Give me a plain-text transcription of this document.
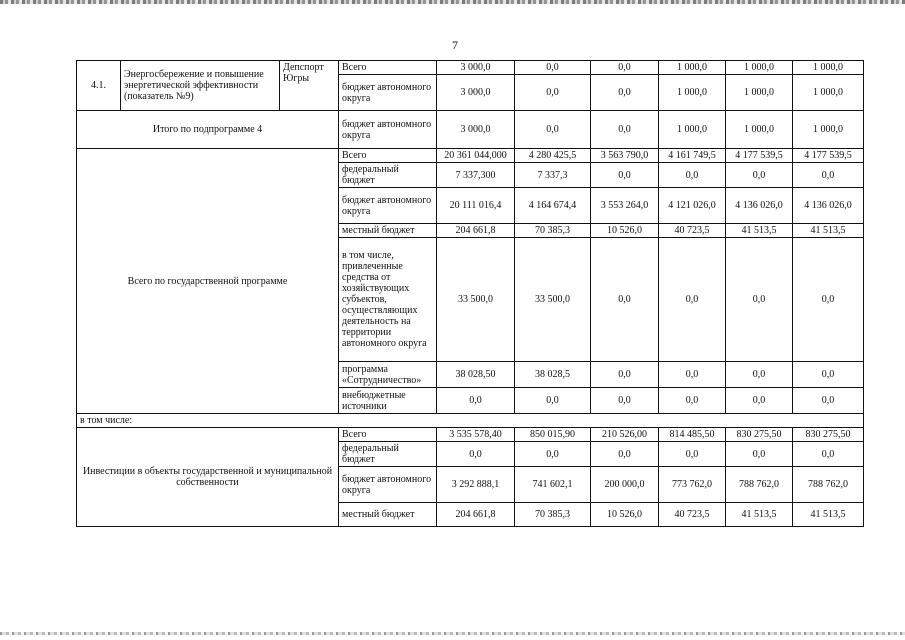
7
4.1.	Энергосбережение и повышение энергетической эффективности (показатель №9)	Депспорт Югры	Всего	3 000,0	0,0	0,0	1 000,0	1 000,0	1 000,0
			бюджет автономного округа	3 000,0	0,0	0,0	1 000,0	1 000,0	1 000,0
Итого по подпрограмме 4			бюджет автономного округа	3 000,0	0,0	0,0	1 000,0	1 000,0	1 000,0
Всего по государственной программе			Всего	20 361 044,000	4 280 425,5	3 563 790,0	4 161 749,5	4 177 539,5	4 177 539,5
			федеральный бюджет	7 337,300	7 337,3	0,0	0,0	0,0	0,0
			бюджет автономного округа	20 111 016,4	4 164 674,4	3 553 264,0	4 121 026,0	4 136 026,0	4 136 026,0
			местный бюджет	204 661,8	70 385,3	10 526,0	40 723,5	41 513,5	41 513,5
			в том числе, привлеченные средства от хозяйствующих субъектов, осуществляющих деятельность на территории автономного округа	33 500,0	33 500,0	0,0	0,0	0,0	0,0
			программа «Сотрудничество»	38 028,50	38 028,5	0,0	0,0	0,0	0,0
			внебюджетные источники	0,0	0,0	0,0	0,0	0,0	0,0
в том числе:									
Инвестиции в объекты государственной и муниципальной собственности			Всего	3 535 578,40	850 015,90	210 526,00	814 485,50	830 275,50	830 275,50
			федеральный бюджет	0,0	0,0	0,0	0,0	0,0	0,0
			бюджет автономного округа	3 292 888,1	741 602,1	200 000,0	773 762,0	788 762,0	788 762,0
			местный бюджет	204 661,8	70 385,3	10 526,0	40 723,5	41 513,5	41 513,5
